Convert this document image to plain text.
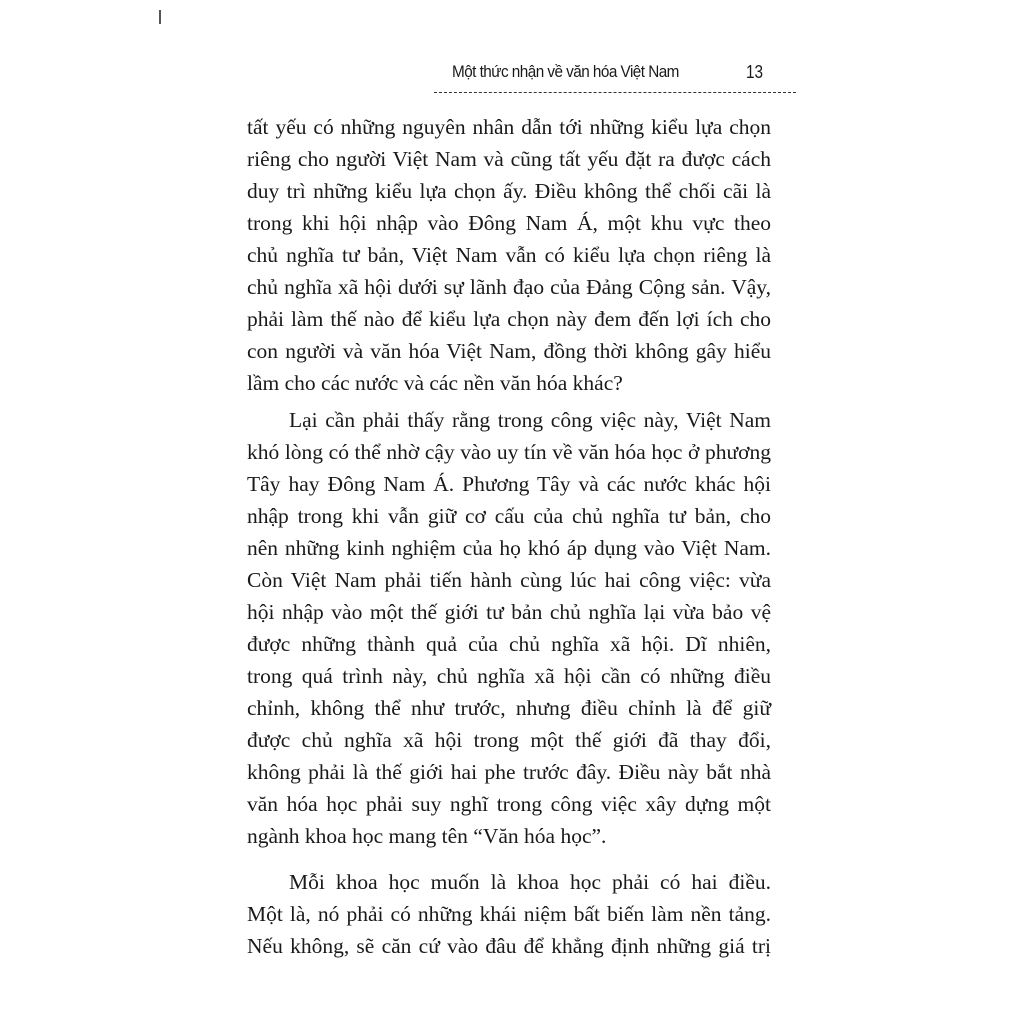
Một thức nhận về văn hóa Việt Nam	13
tất yếu có những nguyên nhân dẫn tới những kiểu lựa chọn
riêng cho người Việt Nam và cũng tất yếu đặt ra được cách
duy trì những kiểu lựa chọn ấy. Điều không thể chối cãi là
trong khi hội nhập vào Đông Nam Á, một khu vực theo
chủ nghĩa tư bản, Việt Nam vẫn có kiểu lựa chọn riêng là
chủ nghĩa xã hội dưới sự lãnh đạo của Đảng Cộng sản. Vậy,
phải làm thế nào để kiểu lựa chọn này đem đến lợi ích cho
con người và văn hóa Việt Nam, đồng thời không gây hiểu
lầm cho các nước và các nền văn hóa khác?
Lại cần phải thấy rằng trong công việc này, Việt Nam
khó lòng có thể nhờ cậy vào uy tín về văn hóa học ở phương
Tây hay Đông Nam Á. Phương Tây và các nước khác hội
nhập trong khi vẫn giữ cơ cấu của chủ nghĩa tư bản, cho
nên những kinh nghiệm của họ khó áp dụng vào Việt Nam.
Còn Việt Nam phải tiến hành cùng lúc hai công việc: vừa
hội nhập vào một thế giới tư bản chủ nghĩa lại vừa bảo vệ
được những thành quả của chủ nghĩa xã hội. Dĩ nhiên,
trong quá trình này, chủ nghĩa xã hội cần có những điều
chỉnh, không thể như trước, nhưng điều chỉnh là để giữ
được chủ nghĩa xã hội trong một thế giới đã thay đổi,
không phải là thế giới hai phe trước đây. Điều này bắt nhà
văn hóa học phải suy nghĩ trong công việc xây dựng một
ngành khoa học mang tên “Văn hóa học”.
Mỗi khoa học muốn là khoa học phải có hai điều.
Một là, nó phải có những khái niệm bất biến làm nền tảng.
Nếu không, sẽ căn cứ vào đâu để khẳng định những giá trị
